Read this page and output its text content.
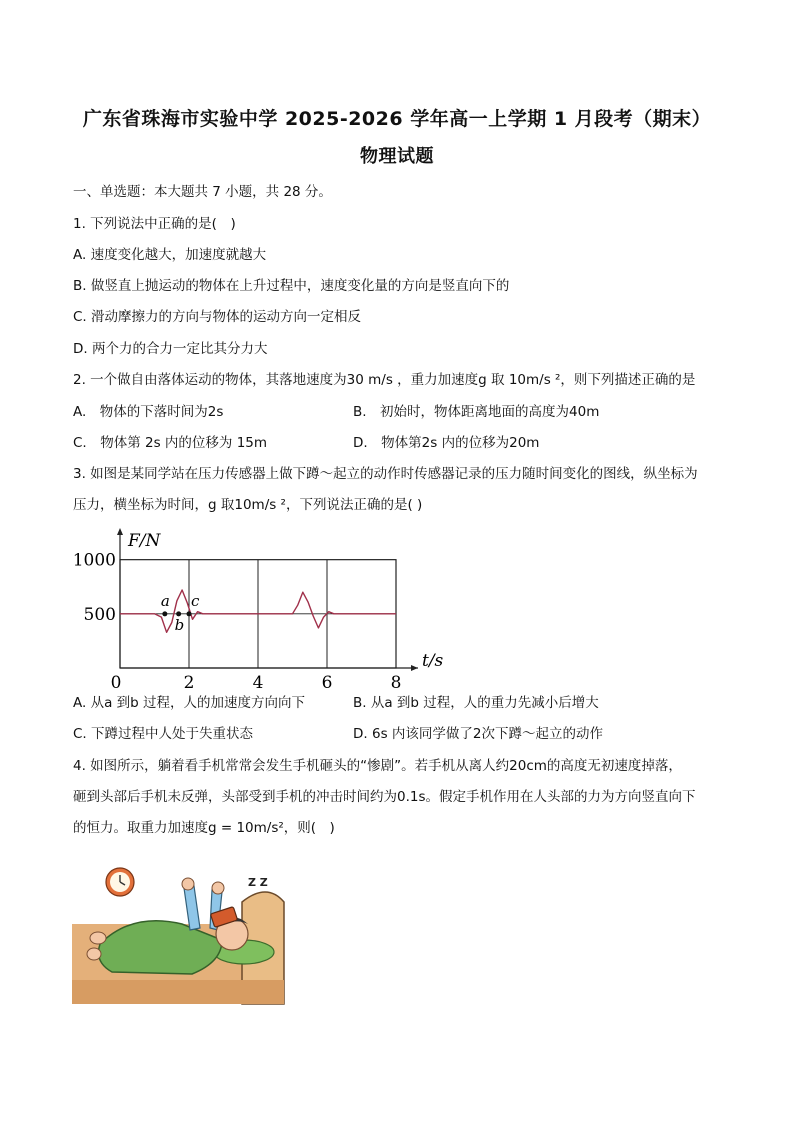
广东省珠海市实验中学 2025-2026 学年高一上学期 1 月段考（期末）
物理试题
一、单选题：本大题共 7 小题，共 28 分。
1. 下列说法中正确的是(　)
A. 速度变化越大，加速度就越大
B. 做竖直上抛运动的物体在上升过程中，速度变化量的方向是竖直向下的
C. 滑动摩擦力的方向与物体的运动方向一定相反
D. 两个力的合力一定比其分力大
2. 一个做自由落体运动的物体，其落地速度为30 m/s ，重力加速度g 取 10m/s ²，则下列描述正确的是
A.　物体的下落时间为2s	B.　初始时，物体距离地面的高度为40m
C.　物体第 2s 内的位移为 15m	D.　物体第2s 内的位移为20m
3. 如图是某同学站在压力传感器上做下蹲～起立的动作时传感器记录的压力随时间变化的图线，纵坐标为
压力，横坐标为时间，g 取10m/s ²，下列说法正确的是( )
0	2	4	6	8
500
1000
F/N
t/s
a
b
c
A. 从a 到b 过程，人的加速度方向向下	B. 从a 到b 过程，人的重力先减小后增大
C. 下蹲过程中人处于失重状态	D. 6s 内该同学做了2次下蹲～起立的动作
4. 如图所示，躺着看手机常常会发生手机砸头的“惨剧”。若手机从离人约20cm的高度无初速度掉落，
砸到头部后手机未反弹，头部受到手机的冲击时间约为0.1s。假定手机作用在人头部的力为方向竖直向下
的恒力。取重力加速度g = 10m/s²，则(　)
Z Z
